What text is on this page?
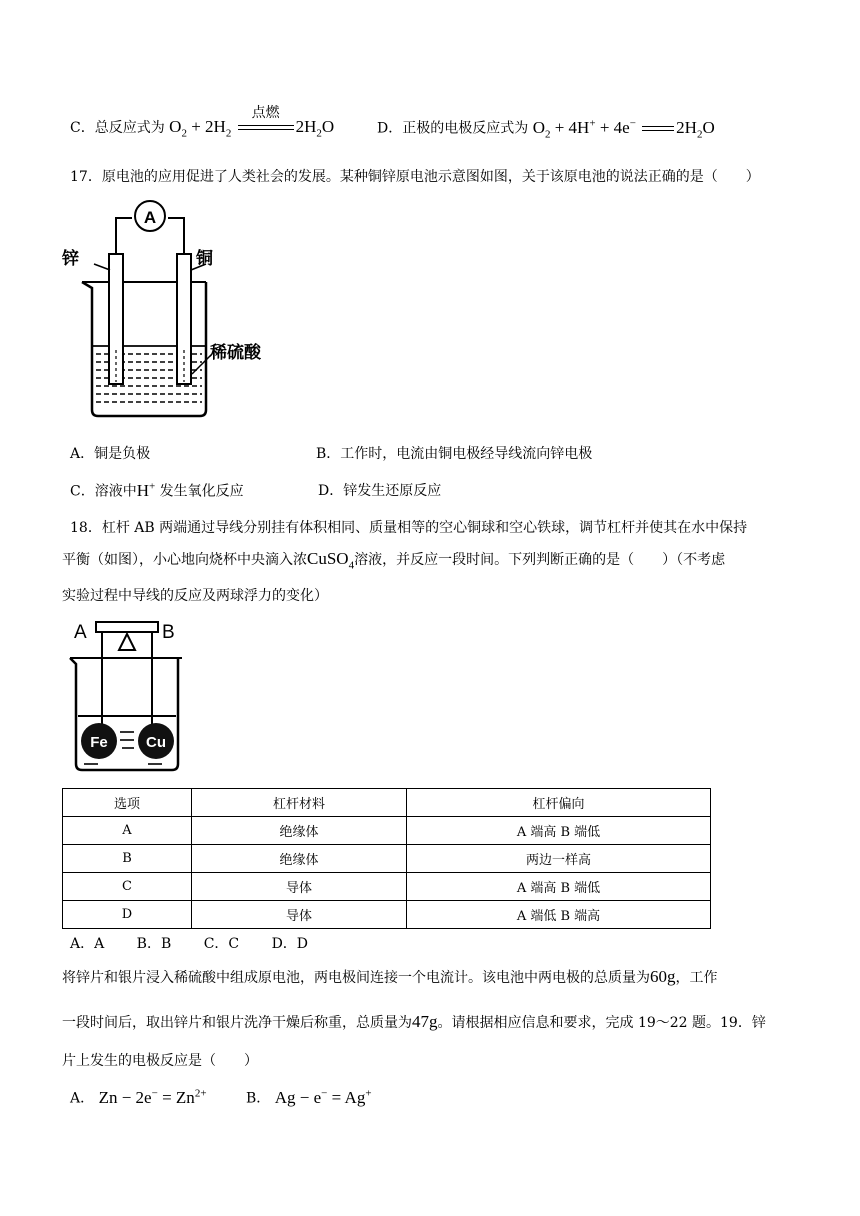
C．总反应式为 $O_2 + 2H_2$
点燃
$2H_2O$	D．正极的电极反应式为 $O_2 + 4H^+ + 4e^-$ $2H_2O$
17．原电池的应用促进了人类社会的发展。某种铜锌原电池示意图如图，关于该原电池的说法正确的是（　　）
A
锌	铜
稀硫酸
A．铜是负极	B．工作时，电流由铜电极经导线流向锌电极
C．溶液中H+ 发生氧化反应	D．锌发生还原反应
18．杠杆 AB 两端通过导线分别挂有体积相同、质量相等的空心铜球和空心铁球，调节杠杆并使其在水中保持
平衡（如图），小心地向烧杯中央滴入浓CuSO$_4$溶液，并反应一段时间。下列判断正确的是（　　）（不考虑
实验过程中导线的反应及两球浮力的变化）
A	B
Fe	Cu
选项	杠杆材料	杠杆偏向
A	绝缘体	A 端高 B 端低
B	绝缘体	两边一样高
C	导体	A 端高 B 端低
D	导体	A 端低 B 端高
A．A　　 B．B　　 C．C　　 D．D
将锌片和银片浸入稀硫酸中组成原电池，两电极间连接一个电流计。该电池中两电极的总质量为60g，工作
一段时间后，取出锌片和银片洗净干燥后称重，总质量为47g。请根据相应信息和要求，完成 19～22 题。19．锌
片上发生的电极反应是（　　）
A． $Zn - 2e^- = Zn^{2+}$	B． Ag − e− = Ag+
